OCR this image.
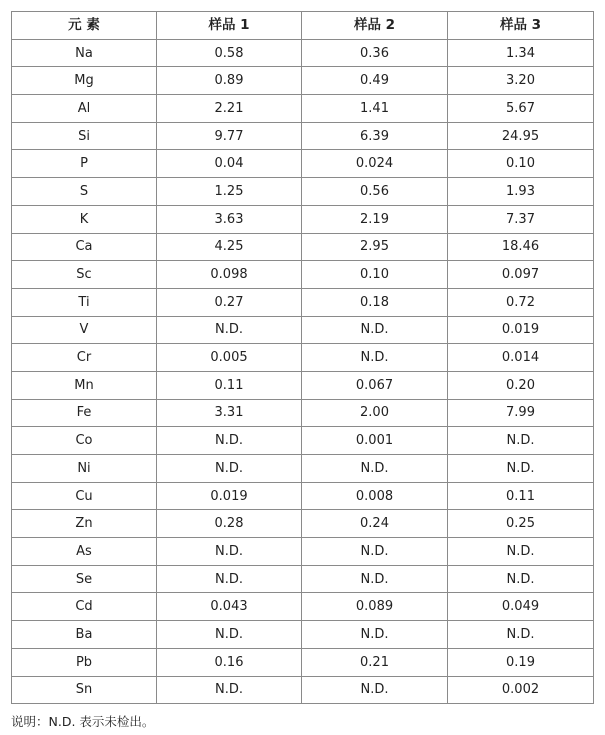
元 素	样品 1	样品 2	样品 3
Na	0.58	0.36	1.34
Mg	0.89	0.49	3.20
Al	2.21	1.41	5.67
Si	9.77	6.39	24.95
P	0.04	0.024	0.10
S	1.25	0.56	1.93
K	3.63	2.19	7.37
Ca	4.25	2.95	18.46
Sc	0.098	0.10	0.097
Ti	0.27	0.18	0.72
V	N.D.	N.D.	0.019
Cr	0.005	N.D.	0.014
Mn	0.11	0.067	0.20
Fe	3.31	2.00	7.99
Co	N.D.	0.001	N.D.
Ni	N.D.	N.D.	N.D.
Cu	0.019	0.008	0.11
Zn	0.28	0.24	0.25
As	N.D.	N.D.	N.D.
Se	N.D.	N.D.	N.D.
Cd	0.043	0.089	0.049
Ba	N.D.	N.D.	N.D.
Pb	0.16	0.21	0.19
Sn	N.D.	N.D.	0.002
说明：N.D. 表示未检出。
